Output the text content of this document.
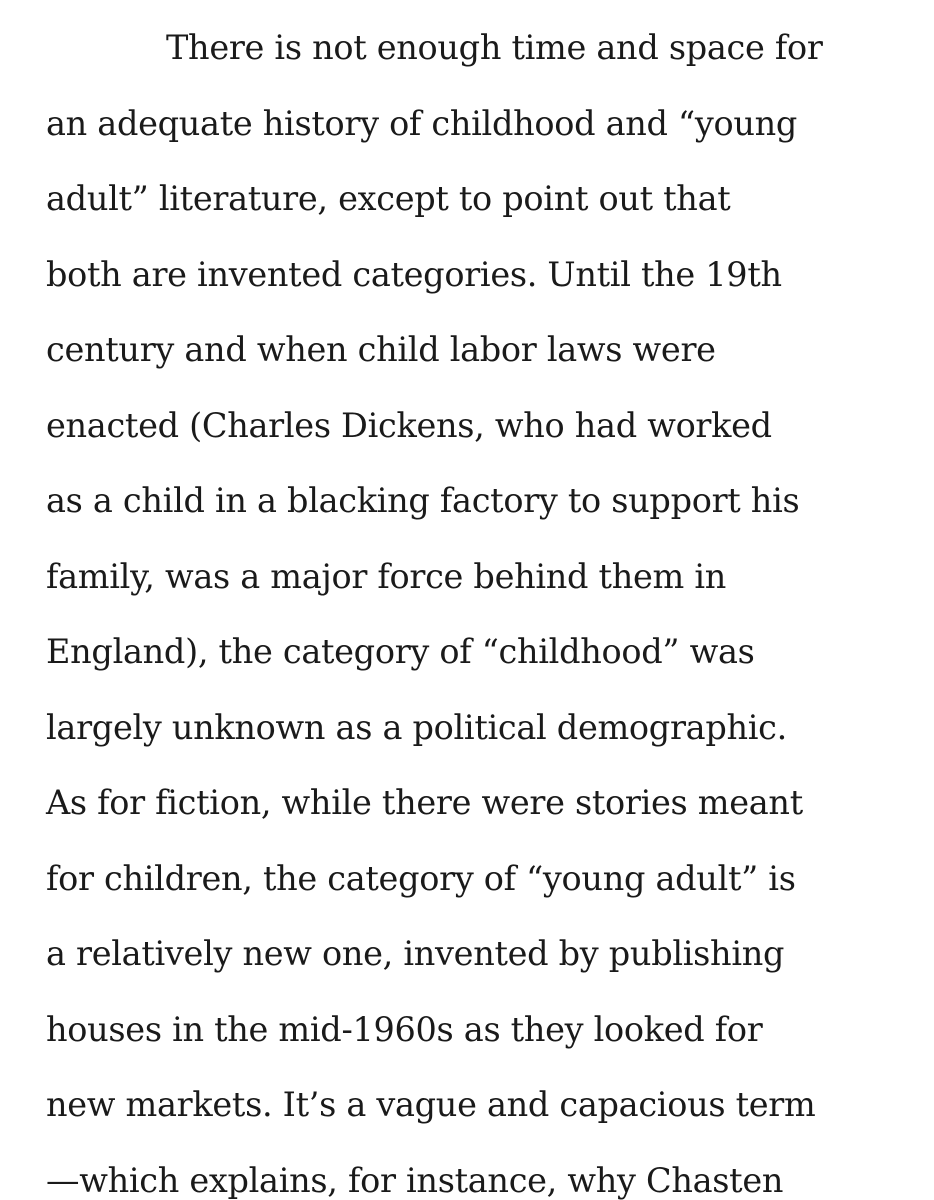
There is not enough time and space for
an adequate history of childhood and “young
adult” literature, except to point out that
both are invented categories. Until the 19th
century and when child labor laws were
enacted (Charles Dickens, who had worked
as a child in a blacking factory to support his
family, was a major force behind them in
England), the category of “childhood” was
largely unknown as a political demographic.
As for fiction, while there were stories meant
for children, the category of “young adult” is
a relatively new one, invented by publishing
houses in the mid-1960s as they looked for
new markets. It’s a vague and capacious term
—which explains, for instance, why Chasten
